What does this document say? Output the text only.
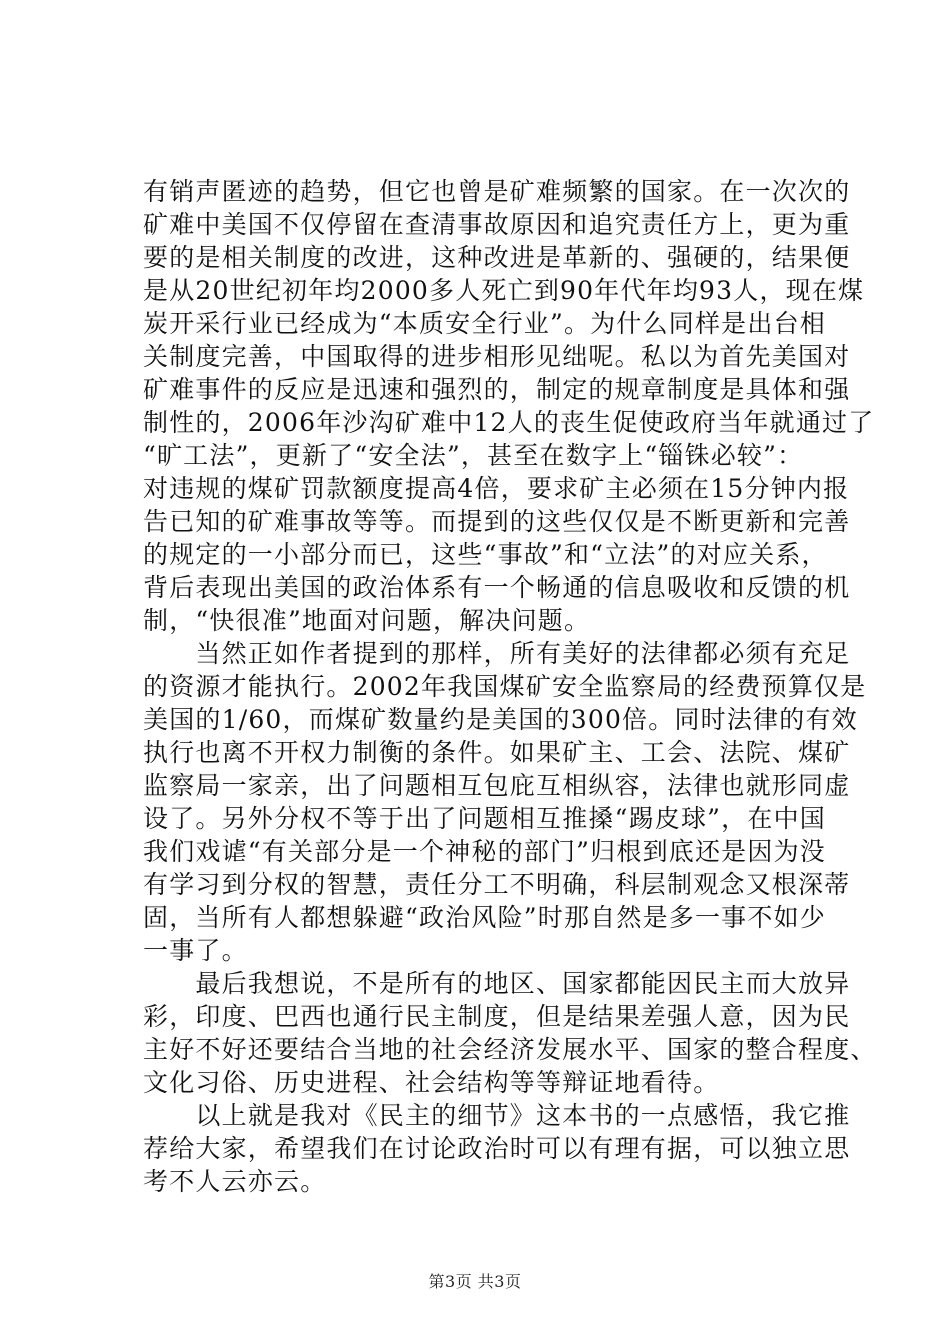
有销声匿迹的趋势，但它也曾是矿难频繁的国家。在一次次的
矿难中美国不仅停留在查清事故原因和追究责任方上，更为重
要的是相关制度的改进，这种改进是革新的、强硬的，结果便
是从20世纪初年均2000多人死亡到90年代年均93人，现在煤
炭开采行业已经成为“本质安全行业”。为什么同样是出台相
关制度完善，中国取得的进步相形见绌呢。私以为首先美国对
矿难事件的反应是迅速和强烈的，制定的规章制度是具体和强
制性的，2006年沙沟矿难中12人的丧生促使政府当年就通过了
“旷工法”，更新了“安全法”，甚至在数字上“锱铢必较”：
对违规的煤矿罚款额度提高4倍，要求矿主必须在15分钟内报
告已知的矿难事故等等。而提到的这些仅仅是不断更新和完善
的规定的一小部分而已，这些“事故”和“立法”的对应关系，
背后表现出美国的政治体系有一个畅通的信息吸收和反馈的机
制，“快很准”地面对问题，解决问题。
　　当然正如作者提到的那样，所有美好的法律都必须有充足
的资源才能执行。2002年我国煤矿安全监察局的经费预算仅是
美国的1/60，而煤矿数量约是美国的300倍。同时法律的有效
执行也离不开权力制衡的条件。如果矿主、工会、法院、煤矿
监察局一家亲，出了问题相互包庇互相纵容，法律也就形同虚
设了。另外分权不等于出了问题相互推搡“踢皮球”，在中国
我们戏谑“有关部分是一个神秘的部门”归根到底还是因为没
有学习到分权的智慧，责任分工不明确，科层制观念又根深蒂
固，当所有人都想躲避“政治风险”时那自然是多一事不如少
一事了。
　　最后我想说，不是所有的地区、国家都能因民主而大放异
彩，印度、巴西也通行民主制度，但是结果差强人意，因为民
主好不好还要结合当地的社会经济发展水平、国家的整合程度、
文化习俗、历史进程、社会结构等等辩证地看待。
　　以上就是我对《民主的细节》这本书的一点感悟，我它推
荐给大家，希望我们在讨论政治时可以有理有据，可以独立思
考不人云亦云。
第3页 共3页
